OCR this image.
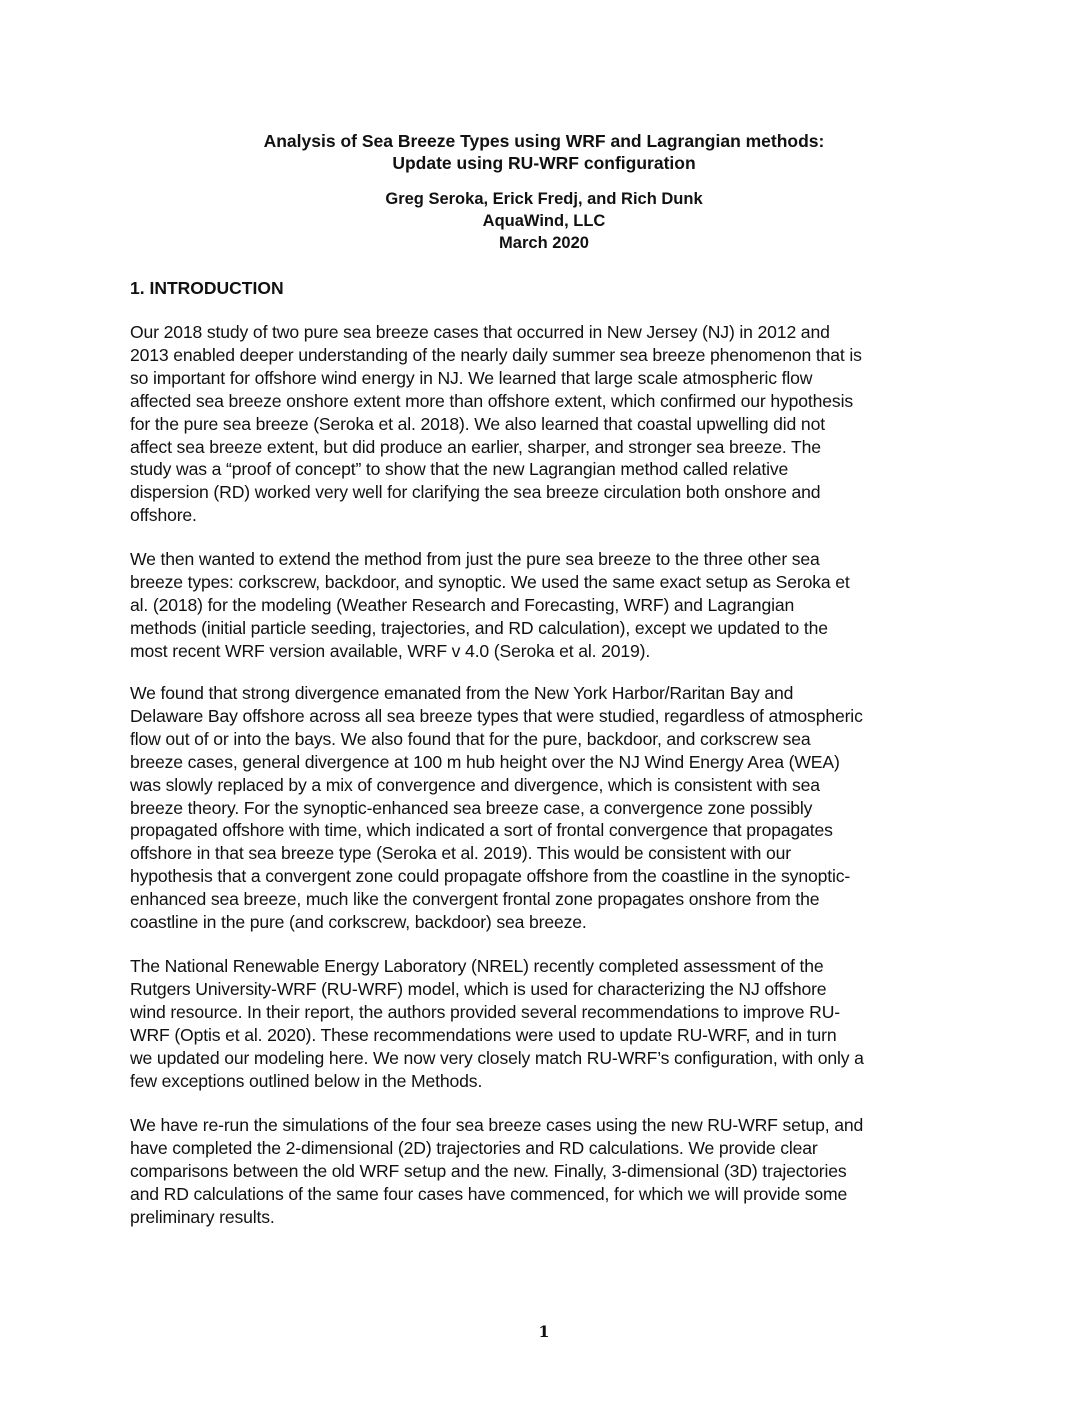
Analysis of Sea Breeze Types using WRF and Lagrangian methods:
Update using RU-WRF configuration
Greg Seroka, Erick Fredj, and Rich Dunk
AquaWind, LLC
March 2020
1. INTRODUCTION

Our 2018 study of two pure sea breeze cases that occurred in New Jersey (NJ) in 2012 and
2013 enabled deeper understanding of the nearly daily summer sea breeze phenomenon that is
so important for offshore wind energy in NJ. We learned that large scale atmospheric flow
affected sea breeze onshore extent more than offshore extent, which confirmed our hypothesis
for the pure sea breeze (Seroka et al. 2018). We also learned that coastal upwelling did not
affect sea breeze extent, but did produce an earlier, sharper, and stronger sea breeze. The
study was a “proof of concept” to show that the new Lagrangian method called relative
dispersion (RD) worked very well for clarifying the sea breeze circulation both onshore and
offshore.

We then wanted to extend the method from just the pure sea breeze to the three other sea
breeze types: corkscrew, backdoor, and synoptic. We used the same exact setup as Seroka et
al. (2018) for the modeling (Weather Research and Forecasting, WRF) and Lagrangian
methods (initial particle seeding, trajectories, and RD calculation), except we updated to the
most recent WRF version available, WRF v 4.0 (Seroka et al. 2019).

We found that strong divergence emanated from the New York Harbor/Raritan Bay and
Delaware Bay offshore across all sea breeze types that were studied, regardless of atmospheric
flow out of or into the bays. We also found that for the pure, backdoor, and corkscrew sea
breeze cases, general divergence at 100 m hub height over the NJ Wind Energy Area (WEA)
was slowly replaced by a mix of convergence and divergence, which is consistent with sea
breeze theory. For the synoptic-enhanced sea breeze case, a convergence zone possibly
propagated offshore with time, which indicated a sort of frontal convergence that propagates
offshore in that sea breeze type (Seroka et al. 2019). This would be consistent with our
hypothesis that a convergent zone could propagate offshore from the coastline in the synoptic-
enhanced sea breeze, much like the convergent frontal zone propagates onshore from the
coastline in the pure (and corkscrew, backdoor) sea breeze.

The National Renewable Energy Laboratory (NREL) recently completed assessment of the
Rutgers University-WRF (RU-WRF) model, which is used for characterizing the NJ offshore
wind resource. In their report, the authors provided several recommendations to improve RU-
WRF (Optis et al. 2020). These recommendations were used to update RU-WRF, and in turn
we updated our modeling here. We now very closely match RU-WRF’s configuration, with only a
few exceptions outlined below in the Methods.

We have re-run the simulations of the four sea breeze cases using the new RU-WRF setup, and
have completed the 2-dimensional (2D) trajectories and RD calculations. We provide clear
comparisons between the old WRF setup and the new. Finally, 3-dimensional (3D) trajectories
and RD calculations of the same four cases have commenced, for which we will provide some
preliminary results.

1
